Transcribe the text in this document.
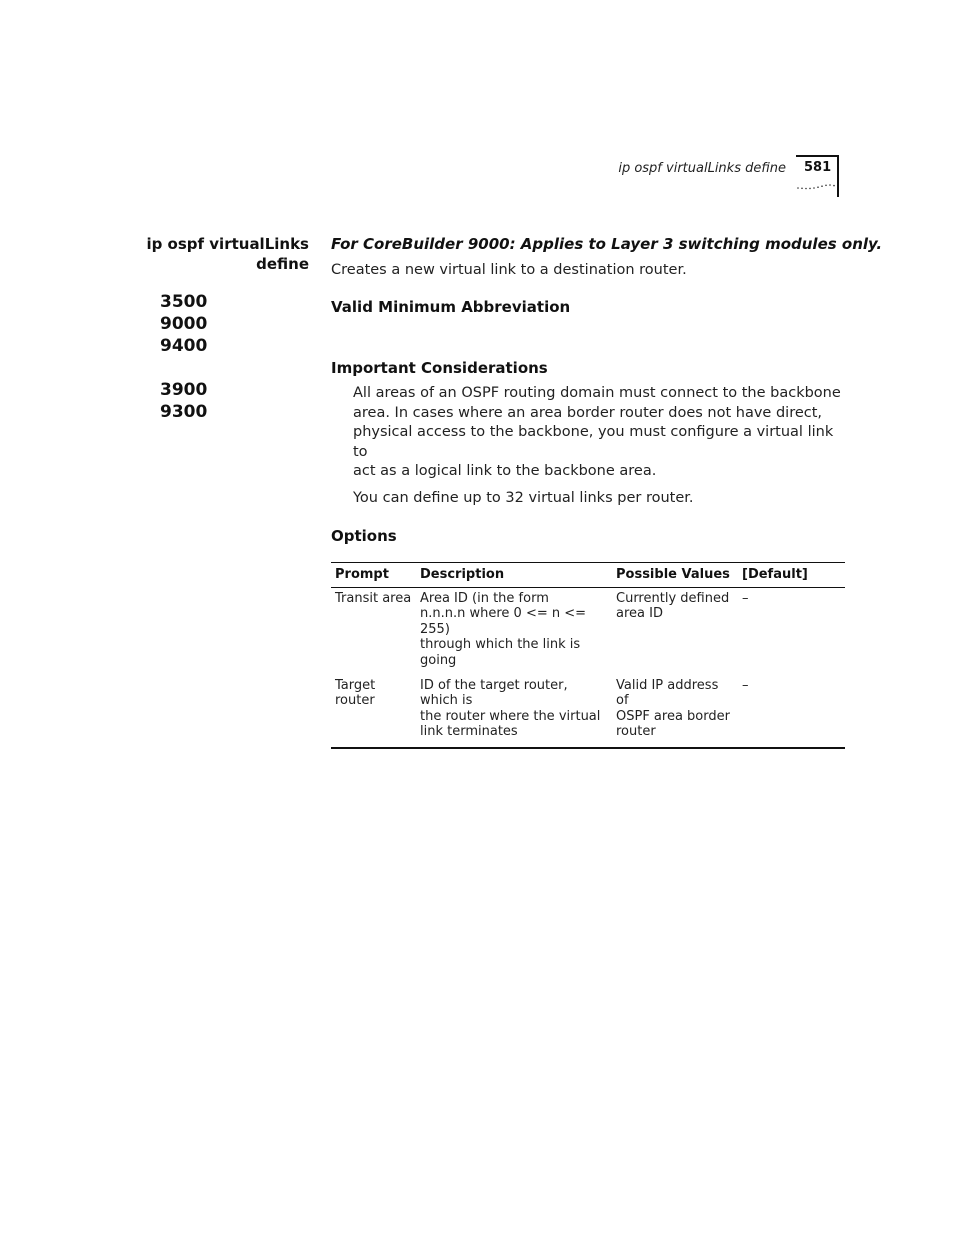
ip ospf virtualLinks define 581
ip ospf virtualLinks
define
3500
9000
9400
3900
9300

For CoreBuilder 9000: Applies to Layer 3 switching modules only.

Creates a new virtual link to a destination router.

Valid Minimum Abbreviation
Important Considerations

All areas of an OSPF routing domain must connect to the backbone
area. In cases where an area border router does not have direct,
physical access to the backbone, you must configure a virtual link to
act as a logical link to the backbone area.

You can define up to 32 virtual links per router.

Options
Prompt	Description	Possible Values	[Default]
Transit area	Area ID (in the form
n.n.n.n where 0 <= n <= 255)
through which the link is going	Currently defined
area ID	–
Target
router	ID of the target router, which is
the router where the virtual
link terminates	Valid IP address of
OSPF area border
router	–
